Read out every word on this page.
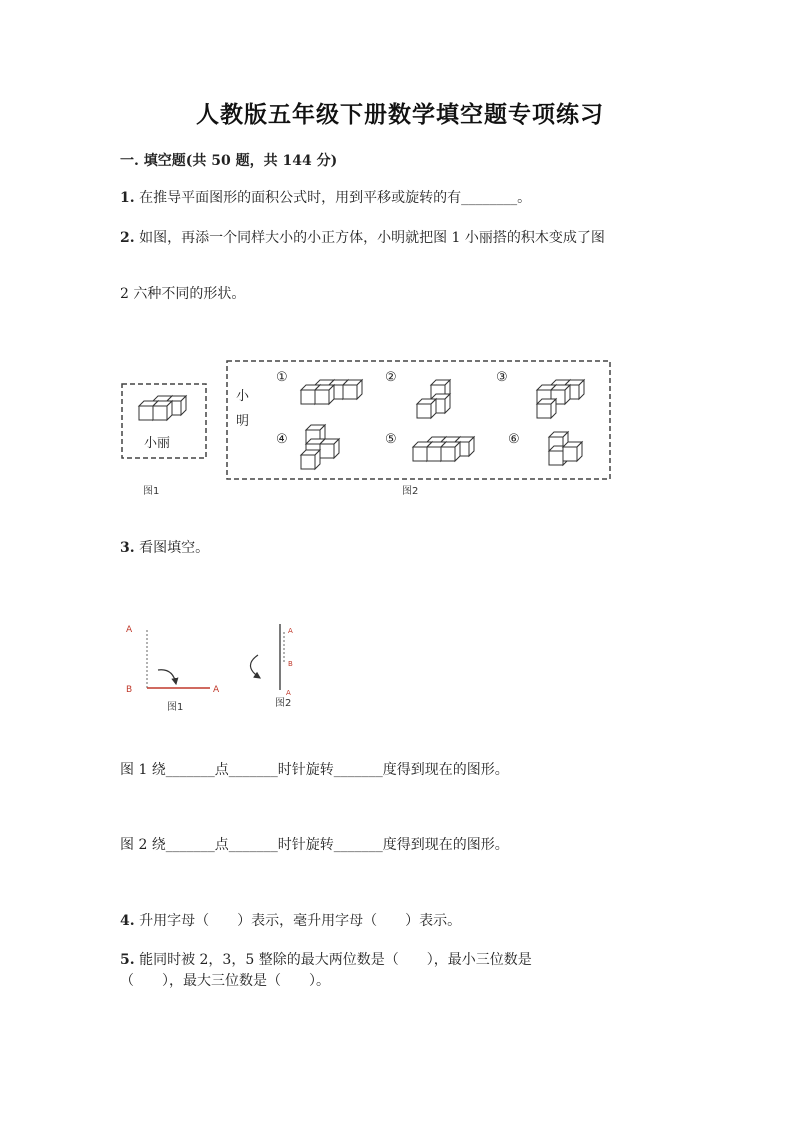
人教版五年级下册数学填空题专项练习
一. 填空题(共 50 题，共 144 分)
1. 在推导平面图形的面积公式时，用到平移或旋转的有________。
2. 如图，再添一个同样大小的小正方体，小明就把图 1 小丽搭的积木变成了图
2 六种不同的形状。
小丽
图1
小
明
①	②	③
④	⑤	⑥
图2
3. 看图填空。
A
B	A
图1
A
B
A
图2
图 1 绕_______点_______时针旋转_______度得到现在的图形。
图 2 绕_______点_______时针旋转_______度得到现在的图形。
4. 升用字母（　　）表示，毫升用字母（　　）表示。
5. 能同时被 2，3，5 整除的最大两位数是（　　），最小三位数是
（　　），最大三位数是（　　）。
